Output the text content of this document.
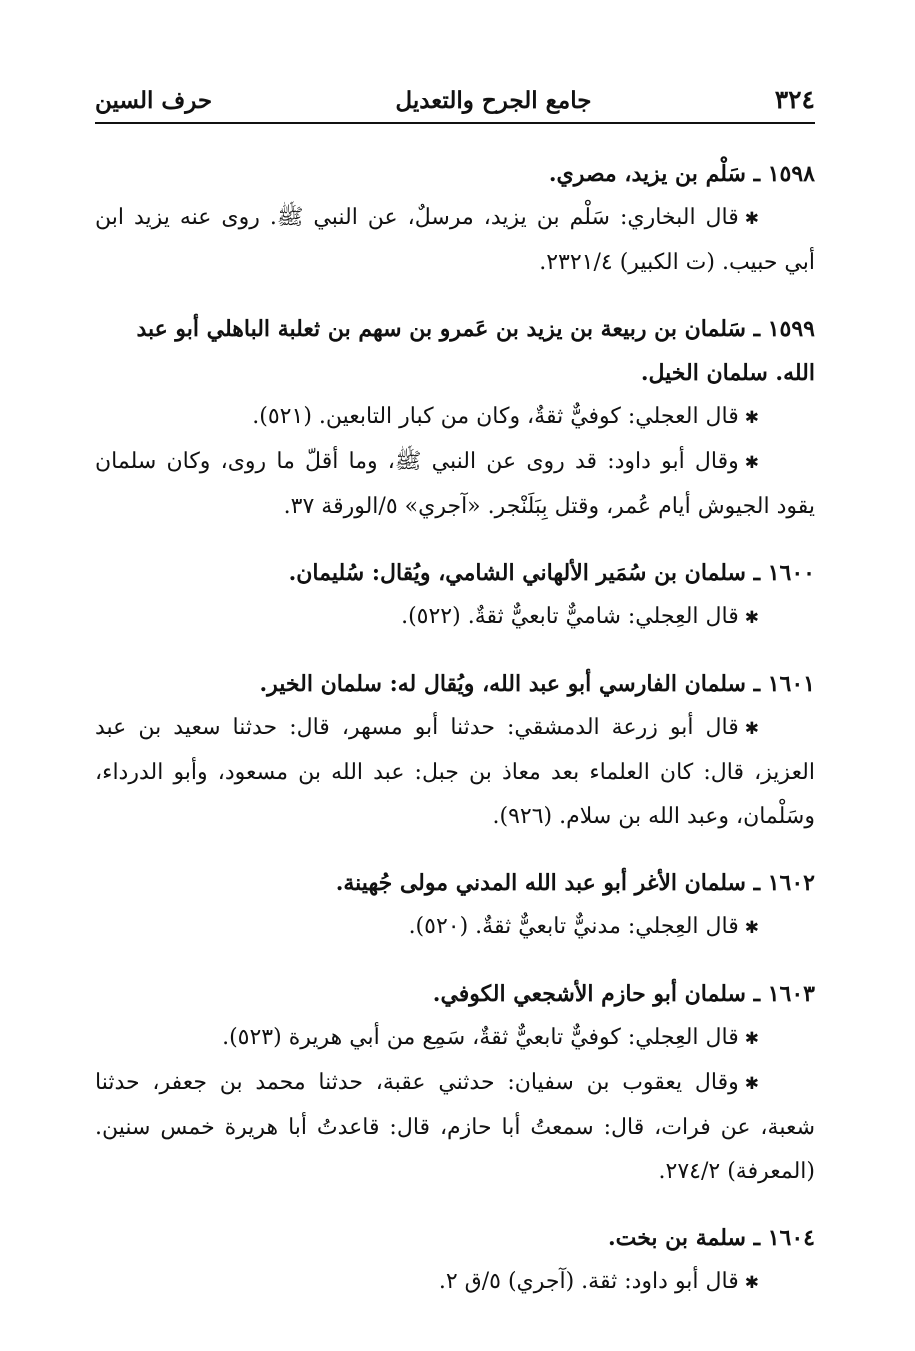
٣٢٤
جامع الجرح والتعديل
حرف السين
١٥٩٨ ـ سَلْم بن يزيد، مصري.
✱قال البخاري: سَلْم بن يزيد، مرسلٌ، عن النبي ﷺ. روى عنه يزيد ابن أبي حبيب. (ت الكبير) ٢٣٢١/٤.
١٥٩٩ ـ سَلمان بن ربيعة بن يزيد بن عَمرو بن سهم بن ثعلبة الباهلي أبو عبد الله. سلمان الخيل.
✱قال العجلي: كوفيٌّ ثقةٌ، وكان من كبار التابعين. (٥٢١).
✱وقال أبو داود: قد روى عن النبي ﷺ، وما أقلّ ما روى، وكان سلمان يقود الجيوش أيام عُمر، وقتل بِبَلَنْجر. «آجري» ٥/الورقة ٣٧.
١٦٠٠ ـ سلمان بن سُمَير الألهاني الشامي، ويُقال: سُليمان.
✱قال العِجلي: شاميٌّ تابعيٌّ ثقةٌ. (٥٢٢).
١٦٠١ ـ سلمان الفارسي أبو عبد الله، ويُقال له: سلمان الخير.
✱قال أبو زرعة الدمشقي: حدثنا أبو مسهر، قال: حدثنا سعيد بن عبد العزيز، قال: كان العلماء بعد معاذ بن جبل: عبد الله بن مسعود، وأبو الدرداء، وسَلْمان، وعبد الله بن سلام. (٩٢٦).
١٦٠٢ ـ سلمان الأغر أبو عبد الله المدني مولى جُهينة.
✱قال العِجلي: مدنيٌّ تابعيٌّ ثقةٌ. (٥٢٠).
١٦٠٣ ـ سلمان أبو حازم الأشجعي الكوفي.
✱قال العِجلي: كوفيٌّ تابعيٌّ ثقةٌ، سَمِع من أبي هريرة (٥٢٣).
✱وقال يعقوب بن سفيان: حدثني عقبة، حدثنا محمد بن جعفر، حدثنا شعبة، عن فرات، قال: سمعتُ أبا حازم، قال: قاعدتُ أبا هريرة خمس سنين. (المعرفة) ٢٧٤/٢.
١٦٠٤ ـ سلمة بن بخت.
✱قال أبو داود: ثقة. (آجري) ٥/ق ٢.
